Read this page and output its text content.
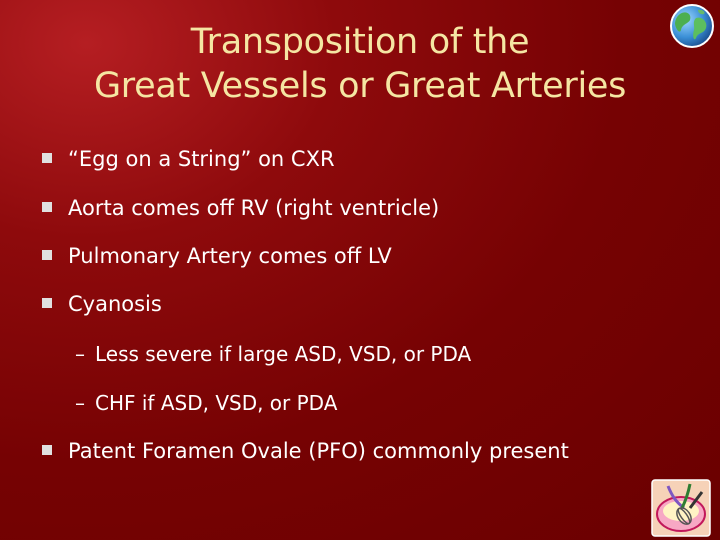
Transposition of the
Great Vessels or Great Arteries
“Egg on a String” on CXR
Aorta comes off RV (right ventricle)
Pulmonary Artery comes off LV
Cyanosis
– Less severe if large ASD, VSD, or PDA
– CHF if ASD, VSD, or PDA
Patent Foramen Ovale (PFO) commonly present
